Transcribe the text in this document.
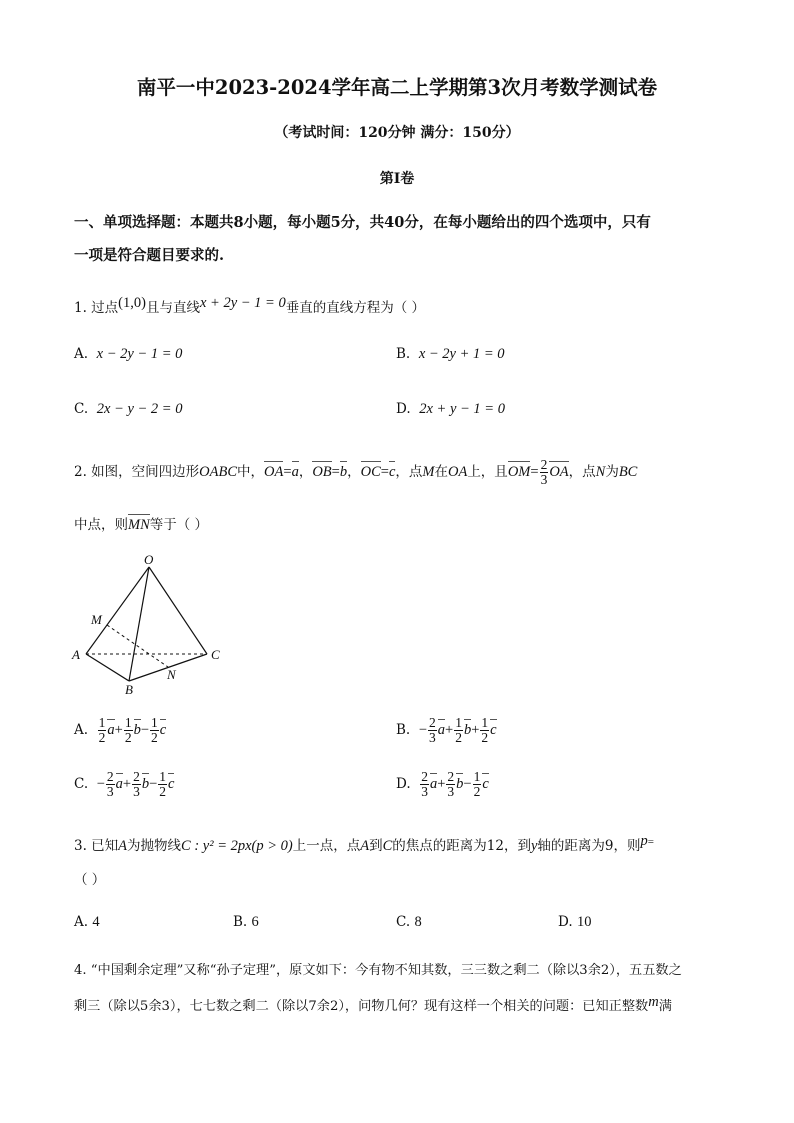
南平一中2023-2024学年高二上学期第3次月考数学测试卷
（考试时间：120分钟 满分：150分）
第I卷
一、单项选择题：本题共8小题，每小题5分，共40分，在每小题给出的四个选项中，只有
一项是符合题目要求的.
1. 过点(1,0)且与直线x + 2y − 1 = 0垂直的直线方程为（ ）
A. x − 2y − 1 = 0	B. x − 2y + 1 = 0
C. 2x − y − 2 = 0	D. 2x + y − 1 = 0
2. 如图，空间四边形OABC中，OA=a，OB=b，OC=c，点M在OA上，且$OM= \frac{2}{3}$ OA，点N为BC
中点，则MN等于（ ）
O
M
A	C
N
B
A. $\frac{1}{2} a+ \frac{1}{2} b- \frac{1}{2}$ c	B. − $\frac{2}{3} a+ \frac{1}{2} b+ \frac{1}{2}$ c
C. − $\frac{2}{3} a+ \frac{2}{3} b- \frac{1}{2}$ c	D. $\frac{2}{3} a+ \frac{2}{3} b- \frac{1}{2}$ c
3. 已知A为抛物线C : y² = 2px(p > 0)上一点，点A到C的焦点的距离为12，到y轴的距离为9，则p=
（ ）
A. 4	B. 6	C. 8	D. 10
4. “中国剩余定理”又称“孙子定理”，原文如下：今有物不知其数，三三数之剩二（除以3余2），五五数之
剩三（除以5余3），七七数之剩二（除以7余2），问物几何？现有这样一个相关的问题：已知正整数m满
